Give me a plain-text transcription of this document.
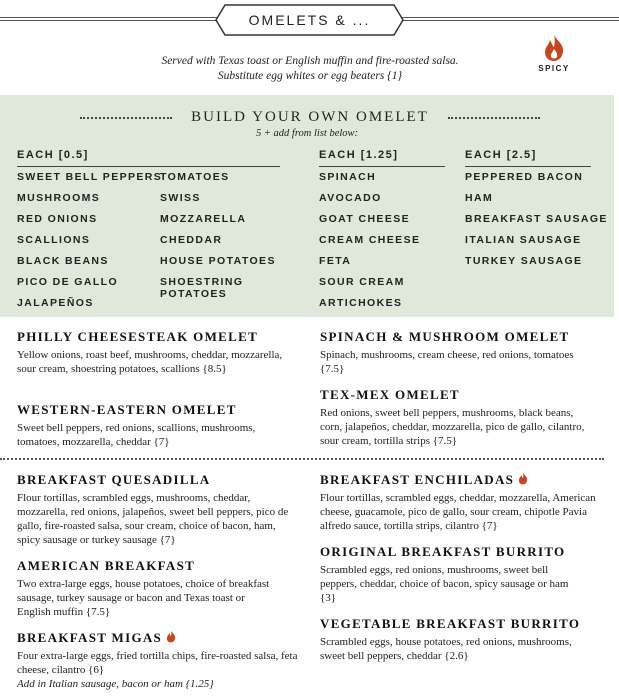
OMELETS & ...
Served with Texas toast or English muffin and fire-roasted salsa.
Substitute egg whites or egg beaters {1}
SPICY
BUILD YOUR OWN OMELET
5 + add from list below:
EACH [0.5]	EACH [1.25]	EACH [2.5]
SWEET BELL PEPPERS
MUSHROOMS
RED ONIONS
SCALLIONS
BLACK BEANS
PICO DE GALLO
JALAPEÑOS
TOMATOES
SWISS
MOZZARELLA
CHEDDAR
HOUSE POTATOES
SHOESTRING POTATOES
SPINACH
AVOCADO
GOAT CHEESE
CREAM CHEESE
FETA
SOUR CREAM
ARTICHOKES
PEPPERED BACON
HAM
BREAKFAST SAUSAGE
ITALIAN SAUSAGE
TURKEY SAUSAGE
PHILLY CHEESESTEAK OMELET
Yellow onions, roast beef, mushrooms, cheddar, mozzarella, sour cream, shoestring potatoes, scallions {8.5}
SPINACH & MUSHROOM OMELET
Spinach, mushrooms, cream cheese, red onions, tomatoes {7.5}
TEX-MEX OMELET
Red onions, sweet bell peppers, mushrooms, black beans, corn, jalapeños, cheddar, mozzarella, pico de gallo, cilantro, sour cream, tortilla strips {7.5}
WESTERN-EASTERN OMELET
Sweet bell peppers, red onions, scallions, mushrooms, tomatoes, mozzarella, cheddar {7}
BREAKFAST QUESADILLA
Flour tortillas, scrambled eggs, mushrooms, cheddar, mozzarella, red onions, jalapeños, sweet bell peppers, pico de gallo, fire-roasted salsa, sour cream, choice of bacon, ham, spicy sausage or turkey sausage {7}
BREAKFAST ENCHILADAS
Flour tortillas, scrambled eggs, cheddar, mozzarella, American cheese, guacamole, pico de gallo, sour cream, chipotle Pavia alfredo sauce, tortilla strips, cilantro {7}
AMERICAN BREAKFAST
Two extra-large eggs, house potatoes, choice of breakfast sausage, turkey sausage or bacon and Texas toast or English muffin {7.5}
ORIGINAL BREAKFAST BURRITO
Scrambled eggs, red onions, mushrooms, sweet bell peppers, cheddar, choice of bacon, spicy sausage or ham {3}
BREAKFAST MIGAS
Four extra-large eggs, fried tortilla chips, fire-roasted salsa, feta cheese, cilantro {6}
Add in Italian sausage, bacon or ham {1.25}
VEGETABLE BREAKFAST BURRITO
Scrambled eggs, house potatoes, red onions, mushrooms, sweet bell peppers, cheddar {2.6}
